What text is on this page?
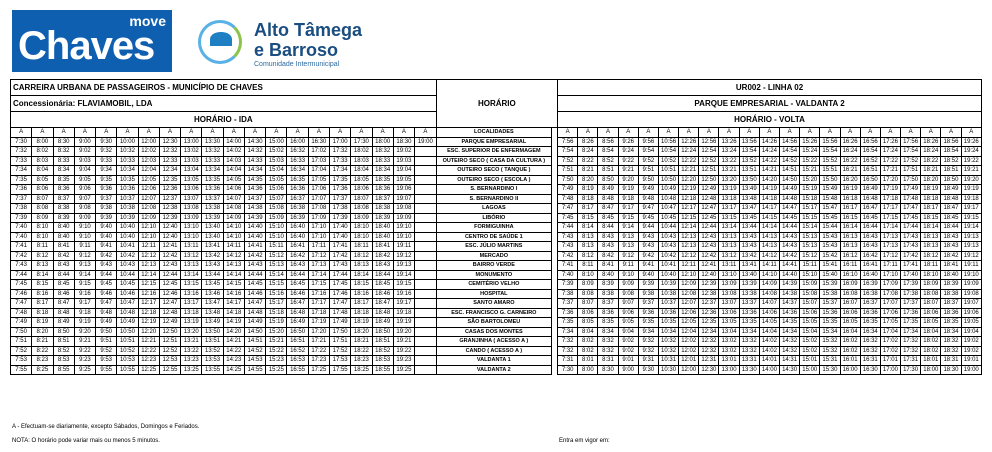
move
Chaves	Alto Tâmega
e Barroso
Comunidade Intermunicipal
CARREIRA URBANA DE PASSAGEIROS - MUNICÍPIO DE CHAVES																				HORÁRIO		UR002 - LINHA 02																				
Concessionária: FLAVIAMOBIL, LDA																						PARQUE EMPRESARIAL - VALDANTA 2																				
HORÁRIO - IDA																						HORÁRIO - VOLTA																				
A	A	A	A	A	A	A	A	A	A	A	A	A	A	A	A	A	A	A	A	LOCALIDADES		A	A	A	A	A	A	A	A	A	A	A	A	A	A	A	A	A	A	A	A	A
7:30	8:00	8:30	9:00	9:30	10:00	12:00	12:30	13:00	13:30	14:00	14:30	15:00	16:00	16:30	17:00	17:30	18:00	18:30	19:00	PARQUE EMPRESARIAL		7:56	8:26	8:56	9:26	9:56	10:56	12:26	12:56	13:26	13:56	14:26	14:56	15:26	15:56	16:26	16:56	17:26	17:56	18:26	18:56	19:26
7:32	8:02	8:32	9:02	9:32	10:32	12:02	12:32	13:02	13:32	14:02	14:32	15:02	16:32	17:02	17:32	18:02	18:32	19:02		ESC. SUPERIOR DE ENFERMAGEM		7:54	8:24	8:54	9:24	9:54	10:54	12:24	12:54	13:24	13:54	14:24	14:54	15:24	15:54	16:24	16:54	17:24	17:54	18:24	18:54	19:24
7:33	8:03	8:33	9:03	9:33	10:33	12:03	12:33	13:03	13:33	14:03	14:33	15:03	16:33	17:03	17:33	18:03	18:33	19:03		OUTEIRO SECO ( CASA DA CULTURA )		7:52	8:22	8:52	9:22	9:52	10:52	12:22	12:52	13:22	13:52	14:22	14:52	15:22	15:52	16:22	16:52	17:22	17:52	18:22	18:52	19:22
7:34	8:04	8:34	9:04	9:34	10:34	12:04	12:34	13:04	13:34	14:04	14:34	15:04	16:34	17:04	17:34	18:04	18:34	19:04		OUTEIRO SECO ( TANQUE )		7:51	8:21	8:51	9:21	9:51	10:51	12:21	12:51	13:21	13:51	14:21	14:51	15:21	15:51	16:21	16:51	17:21	17:51	18:21	18:51	19:21
7:35	8:05	8:35	9:05	9:35	10:35	12:05	12:35	13:05	13:35	14:05	14:35	15:05	16:35	17:05	17:35	18:05	18:35	19:05		OUTEIRO SECO ( ESCOLA )		7:50	8:20	8:50	9:20	9:50	10:50	12:20	12:50	13:20	13:50	14:20	14:50	15:20	15:50	16:20	16:50	17:20	17:50	18:20	18:50	19:20
7:36	8:06	8:36	9:06	9:36	10:36	12:06	12:36	13:06	13:36	14:06	14:36	15:06	16:36	17:06	17:36	18:06	18:36	19:06		S. BERNARDINO I		7:49	8:19	8:49	9:19	9:49	10:49	12:19	12:49	13:19	13:49	14:19	14:49	15:19	15:49	16:19	16:49	17:19	17:49	18:19	18:49	19:19
7:37	8:07	8:37	9:07	9:37	10:37	12:07	12:37	13:07	13:37	14:07	14:37	15:07	16:37	17:07	17:37	18:07	18:37	19:07		S. BERNARDINO II		7:48	8:18	8:48	9:18	9:48	10:48	12:18	12:48	13:18	13:48	14:18	14:48	15:18	15:48	16:18	16:48	17:18	17:48	18:18	18:48	19:18
7:38	8:08	8:38	9:08	9:38	10:38	12:08	12:38	13:08	13:38	14:08	14:38	15:08	16:38	17:08	17:38	18:08	18:38	19:08		LAGOAS		7:47	8:17	8:47	9:17	9:47	10:47	12:17	12:47	13:17	13:47	14:17	14:47	15:17	15:47	16:17	16:47	17:17	17:47	18:17	18:47	19:17
7:39	8:09	8:39	9:09	9:39	10:39	12:09	12:39	13:09	13:39	14:09	14:39	15:09	16:39	17:09	17:39	18:09	18:39	19:09		LIBÓRIO		7:45	8:15	8:45	9:15	9:45	10:45	12:15	12:45	13:15	13:45	14:15	14:45	15:15	15:45	16:15	16:45	17:15	17:45	18:15	18:45	19:15
7:40	8:10	8:40	9:10	9:40	10:40	12:10	12:40	13:10	13:40	14:10	14:40	15:10	16:40	17:10	17:40	18:10	18:40	19:10		FORMIGUINHA		7:44	8:14	8:44	9:14	9:44	10:44	12:14	12:44	13:14	13:44	14:14	14:44	15:14	15:44	16:14	16:44	17:14	17:44	18:14	18:44	19:14
7:40	8:10	8:40	9:10	9:40	10:40	12:10	12:40	13:10	13:40	14:10	14:40	15:10	16:40	17:10	17:40	18:10	18:40	19:10		CENTRO DE SAÚDE 1		7:43	8:13	8:43	9:13	9:43	10:43	12:13	12:43	13:13	13:43	14:13	14:43	15:13	15:43	16:13	16:43	17:13	17:43	18:13	18:43	19:13
7:41	8:11	8:41	9:11	9:41	10:41	12:11	12:41	13:11	13:41	14:11	14:41	15:11	16:41	17:11	17:41	18:11	18:41	19:11		ESC. JÚLIO MARTINS		7:43	8:13	8:43	9:13	9:43	10:43	12:13	12:43	13:13	13:43	14:13	14:43	15:13	15:43	16:13	16:43	17:13	17:43	18:13	18:43	19:13
7:42	8:12	8:42	9:12	9:42	10:42	12:12	12:42	13:12	13:42	14:12	14:42	15:12	16:42	17:12	17:42	18:12	18:42	19:12		MERCADO		7:42	8:12	8:42	9:12	9:42	10:42	12:12	12:42	13:12	13:42	14:12	14:42	15:12	15:42	16:12	16:42	17:12	17:42	18:12	18:42	19:12
7:43	8:13	8:43	9:13	9:43	10:43	12:13	12:43	13:13	13:43	14:13	14:43	15:13	16:43	17:13	17:43	18:13	18:43	19:13		BAIRRO VERDE		7:41	8:11	8:41	9:11	9:41	10:41	12:11	12:41	13:11	13:41	14:11	14:41	15:11	15:41	16:11	16:41	17:11	17:41	18:11	18:41	19:11
7:44	8:14	8:44	9:14	9:44	10:44	12:14	12:44	13:14	13:44	14:14	14:44	15:14	16:44	17:14	17:44	18:14	18:44	19:14		MONUMENTO		7:40	8:10	8:40	9:10	9:40	10:40	12:10	12:40	13:10	13:40	14:10	14:40	15:10	15:40	16:10	16:40	17:10	17:40	18:10	18:40	19:10
7:45	8:15	8:45	9:15	9:45	10:45	12:15	12:45	13:15	13:45	14:15	14:45	15:15	16:45	17:15	17:45	18:15	18:45	19:15		CEMITÉRIO VELHO		7:39	8:09	8:39	9:09	9:39	10:39	12:09	12:39	13:09	13:39	14:09	14:39	15:09	15:39	16:09	16:39	17:09	17:39	18:09	18:39	19:09
7:46	8:16	8:46	9:16	9:46	10:46	12:16	12:46	13:16	13:46	14:16	14:46	15:16	16:46	17:16	17:46	18:16	18:46	19:16		HOSPITAL		7:38	8:08	8:38	9:08	9:38	10:38	12:08	12:38	13:08	13:38	14:08	14:38	15:08	15:38	16:08	16:38	17:08	17:38	18:08	18:38	19:08
7:47	8:17	8:47	9:17	9:47	10:47	12:17	12:47	13:17	13:47	14:17	14:47	15:17	16:47	17:17	17:47	18:17	18:47	19:17		SANTO AMARO		7:37	8:07	8:37	9:07	9:37	10:37	12:07	12:37	13:07	13:37	14:07	14:37	15:07	15:37	16:07	16:37	17:07	17:37	18:07	18:37	19:07
7:48	8:18	8:48	9:18	9:48	10:48	12:18	12:48	13:18	13:48	14:18	14:48	15:18	16:48	17:18	17:48	18:18	18:48	19:18		ESC. FRANCISCO G. CARNEIRO		7:36	8:06	8:36	9:06	9:36	10:36	12:06	12:36	13:06	13:36	14:06	14:36	15:06	15:36	16:06	16:36	17:06	17:36	18:06	18:36	19:06
7:49	8:19	8:49	9:19	9:49	10:49	12:19	12:49	13:19	13:49	14:19	14:49	15:19	16:49	17:19	17:49	18:19	18:49	19:19		SÃO BARTOLOMEU		7:35	8:05	8:35	9:05	9:35	10:35	12:05	12:35	13:05	13:35	14:05	14:35	15:05	15:35	16:05	16:35	17:05	17:35	18:05	18:35	19:05
7:50	8:20	8:50	9:20	9:50	10:50	12:20	12:50	13:20	13:50	14:20	14:50	15:20	16:50	17:20	17:50	18:20	18:50	19:20		CASAS DOS MONTES		7:34	8:04	8:34	9:04	9:34	10:34	12:04	12:34	13:04	13:34	14:04	14:34	15:04	15:34	16:04	16:34	17:04	17:34	18:04	18:34	19:04
7:51	8:21	8:51	9:21	9:51	10:51	12:21	12:51	13:21	13:51	14:21	14:51	15:21	16:51	17:21	17:51	18:21	18:51	19:21		GRANJINHA ( ACESSO A )		7:32	8:02	8:32	9:02	9:32	10:32	12:02	12:32	13:02	13:32	14:02	14:32	15:02	15:32	16:02	16:32	17:02	17:32	18:02	18:32	19:02
7:52	8:22	8:52	9:22	9:52	10:52	12:22	12:52	13:22	13:52	14:22	14:52	15:22	16:52	17:22	17:52	18:22	18:52	19:22		CANDO ( ACESSO A )		7:32	8:02	8:32	9:02	9:32	10:32	12:02	12:32	13:02	13:32	14:02	14:32	15:02	15:32	16:02	16:32	17:02	17:32	18:02	18:32	19:02
7:53	8:23	8:53	9:23	9:53	10:53	12:23	12:53	13:23	13:53	14:23	14:53	15:23	16:53	17:23	17:53	18:23	18:53	19:23		VALDANTA 1		7:31	8:01	8:31	9:01	9:31	10:31	12:01	12:31	13:01	13:31	14:01	14:31	15:01	15:31	16:01	16:31	17:01	17:31	18:01	18:31	19:01
7:55	8:25	8:55	9:25	9:55	10:55	12:25	12:55	13:25	13:55	14:25	14:55	15:25	16:55	17:25	17:55	18:25	18:55	19:25		VALDANTA 2		7:30	8:00	8:30	9:00	9:30	10:30	12:00	12:30	13:00	13:30	14:00	14:30	15:00	15:30	16:00	16:30	17:00	17:30	18:00	18:30	19:00
A - Efectuam-se diariamente, excepto Sábados, Domingos e Feriados.
NOTA: O horário pode variar mais ou menos 5 minutos.	Entra em vigor em:
